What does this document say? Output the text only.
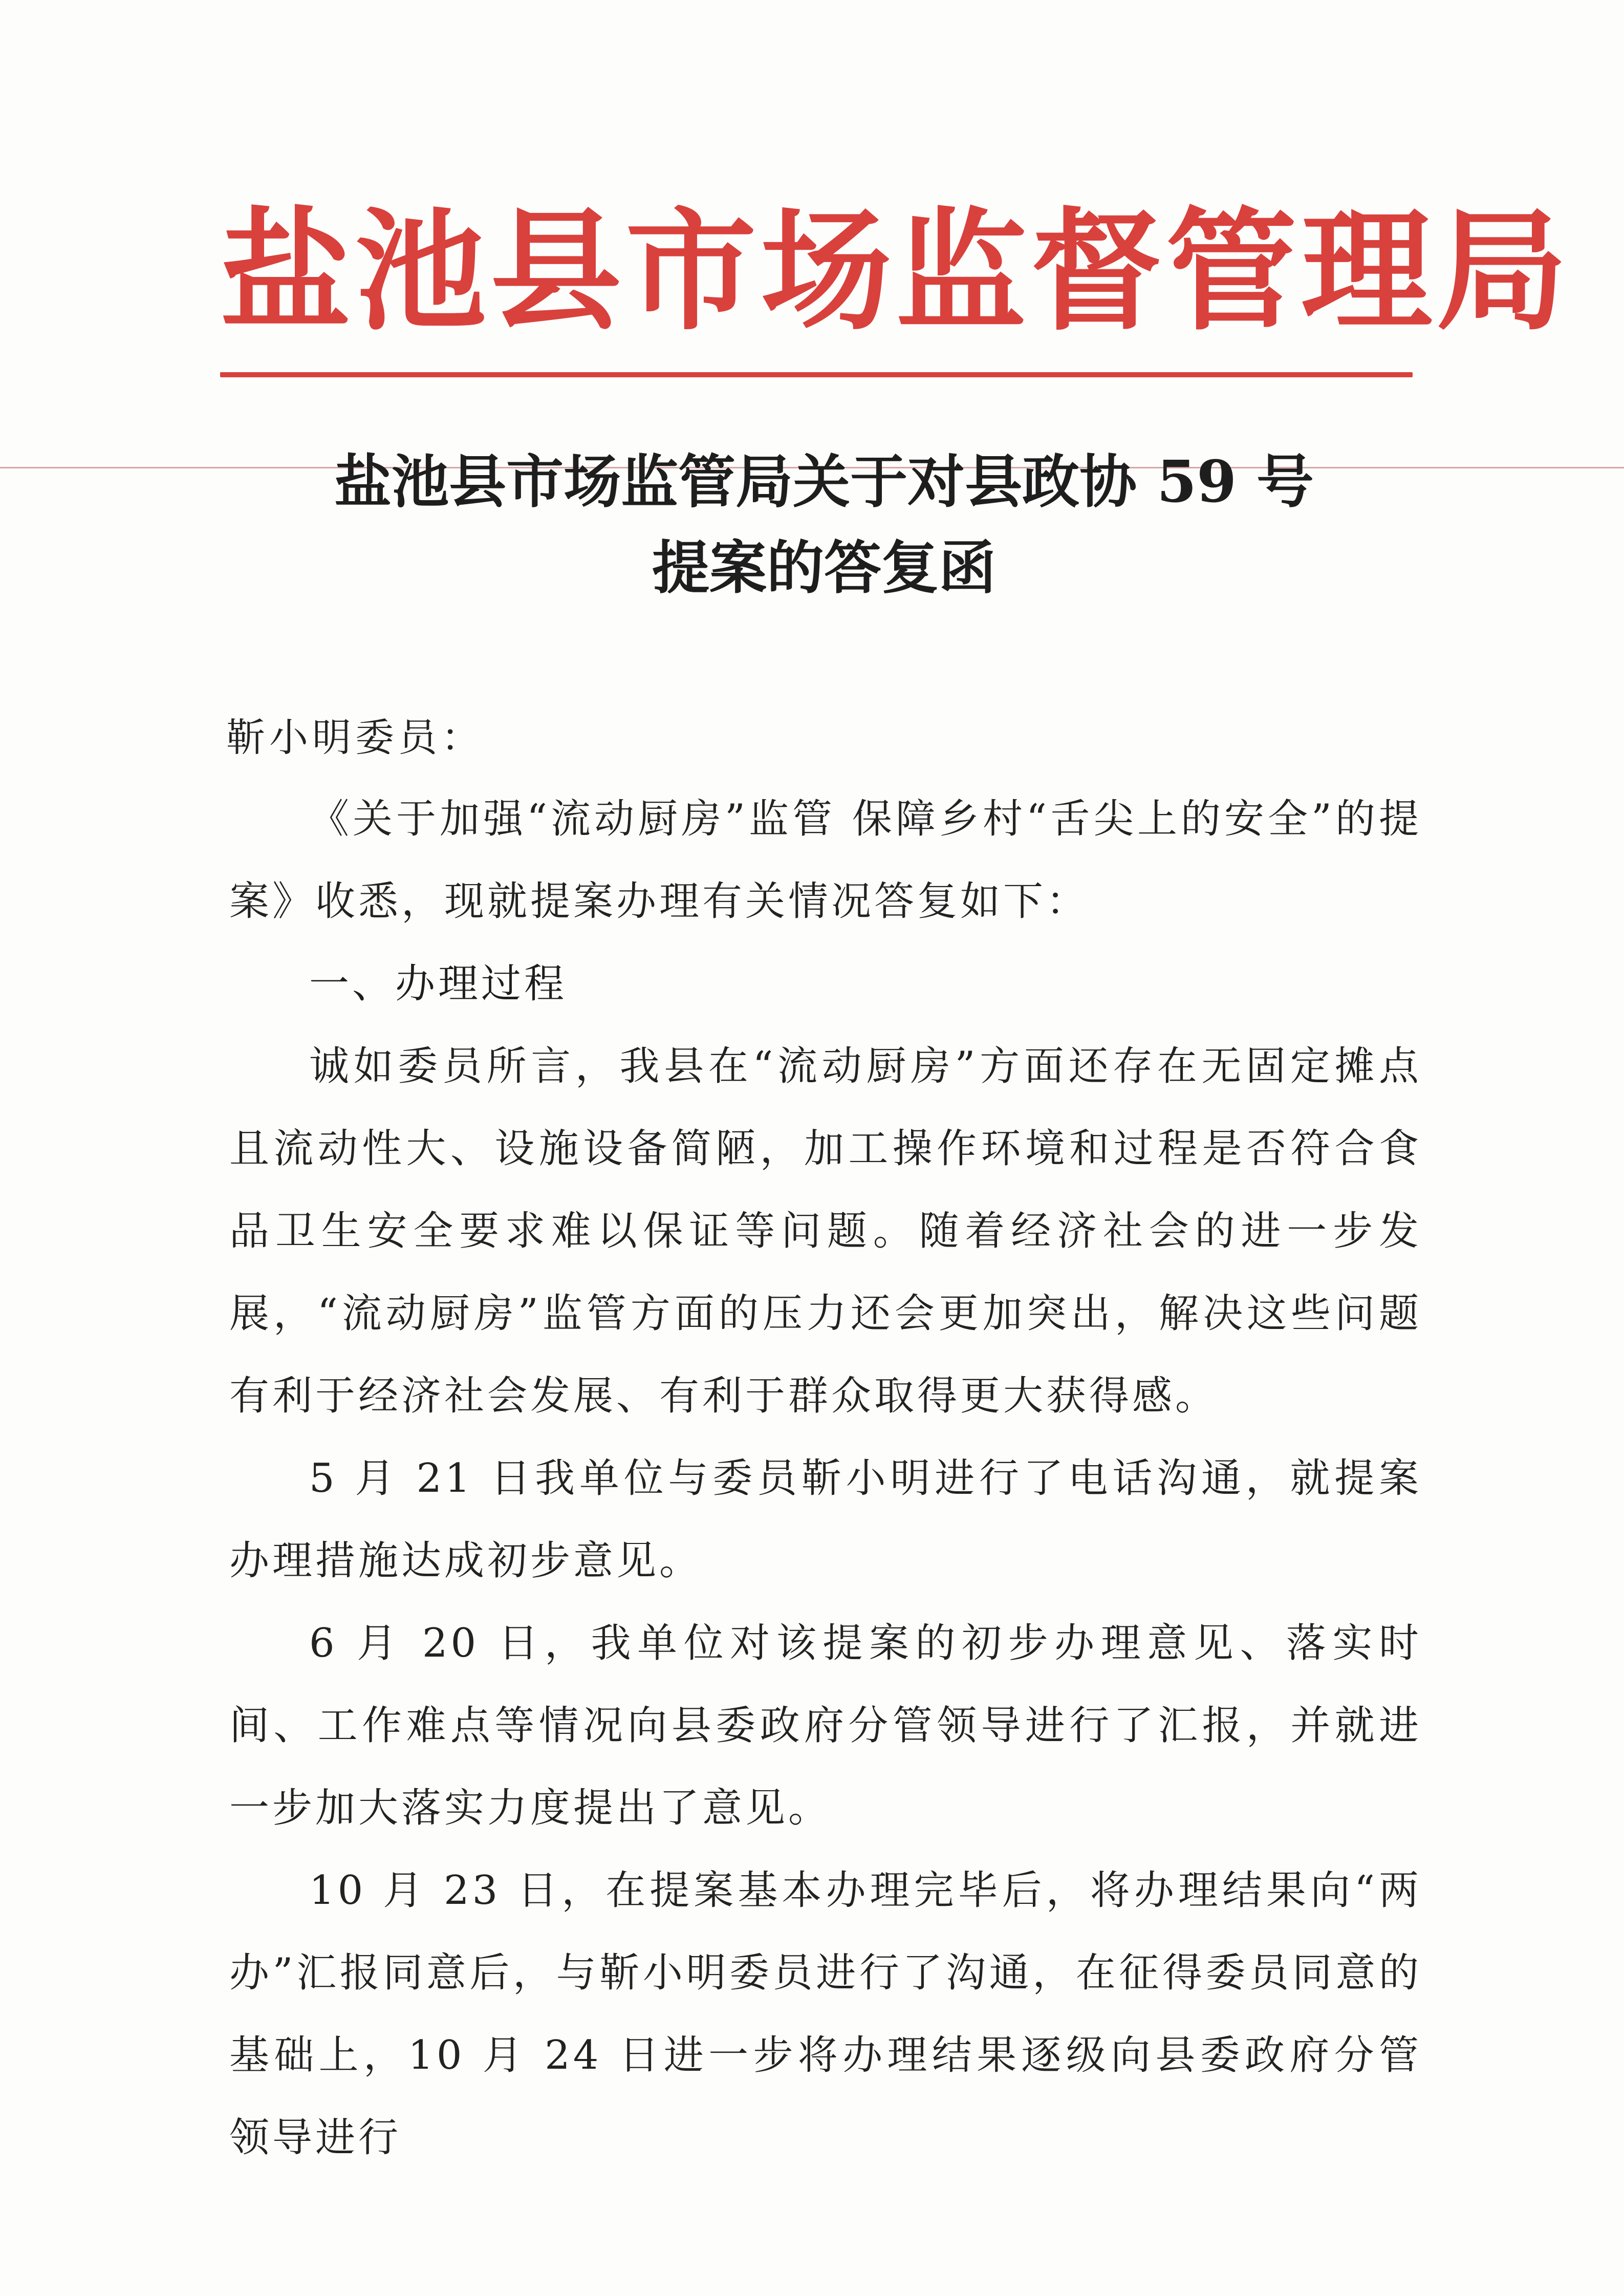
盐池县市场监督管理局
盐池县市场监管局关于对县政协 59 号
提案的答复函
靳小明委员：

《关于加强“流动厨房”监管 保障乡村“舌尖上的安全”的提案》收悉，现就提案办理有关情况答复如下：

一、办理过程

诚如委员所言，我县在“流动厨房”方面还存在无固定摊点且流动性大、设施设备简陋，加工操作环境和过程是否符合食品卫生安全要求难以保证等问题。随着经济社会的进一步发展，“流动厨房”监管方面的压力还会更加突出，解决这些问题有利于经济社会发展、有利于群众取得更大获得感。

5 月 21 日我单位与委员靳小明进行了电话沟通，就提案办理措施达成初步意见。

6 月 20 日，我单位对该提案的初步办理意见、落实时间、工作难点等情况向县委政府分管领导进行了汇报，并就进一步加大落实力度提出了意见。

10 月 23 日，在提案基本办理完毕后，将办理结果向“两办”汇报同意后，与靳小明委员进行了沟通，在征得委员同意的基础上，10 月 24 日进一步将办理结果逐级向县委政府分管领导进行
